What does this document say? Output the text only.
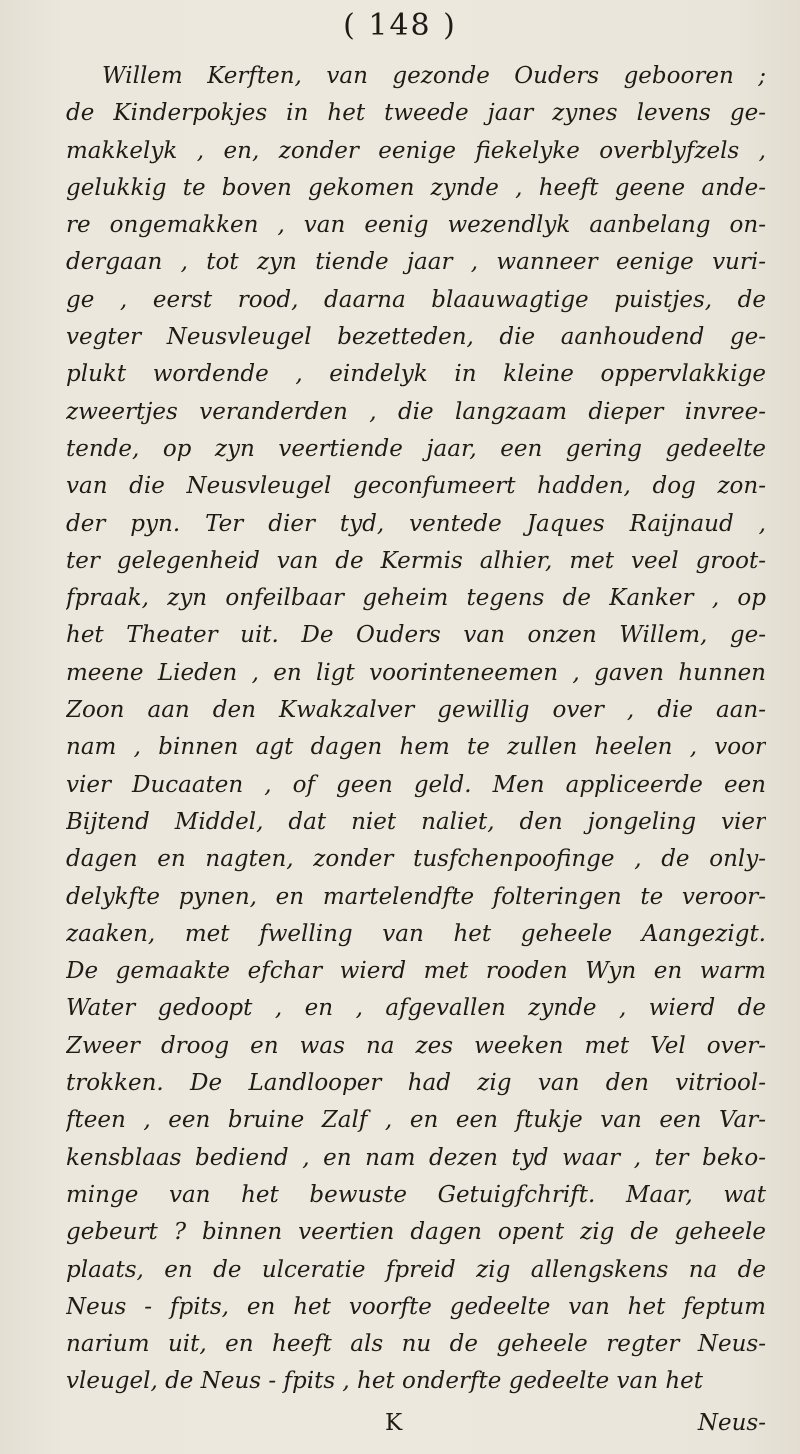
( 148 )
Willem Kerften, van gezonde Ouders gebooren ;
de Kinderpokjes in het tweede jaar zynes levens ge-
makkelyk , en, zonder eenige fiekelyke overblyfzels ,
gelukkig te boven gekomen zynde , heeft geene ande-
re ongemakken , van eenig wezendlyk aanbelang on-
dergaan , tot zyn tiende jaar , wanneer eenige vuri-
ge , eerst rood, daarna blaauwagtige puistjes, de
vegter Neusvleugel bezetteden, die aanhoudend ge-
plukt wordende , eindelyk in kleine oppervlakkige
zweertjes veranderden , die langzaam dieper invree-
tende, op zyn veertiende jaar, een gering gedeelte
van die Neusvleugel geconfumeert hadden, dog zon-
der pyn. Ter dier tyd, ventede Jaques Raijnaud ,
ter gelegenheid van de Kermis alhier, met veel groot-
fpraak, zyn onfeilbaar geheim tegens de Kanker , op
het Theater uit. De Ouders van onzen Willem, ge-
meene Lieden , en ligt voorinteneemen , gaven hunnen
Zoon aan den Kwakzalver gewillig over , die aan-
nam , binnen agt dagen hem te zullen heelen , voor
vier Ducaaten , of geen geld. Men appliceerde een
Bijtend Middel, dat niet naliet, den jongeling vier
dagen en nagten, zonder tusfchenpoofinge , de only-
delykfte pynen, en martelendfte folteringen te veroor-
zaaken, met fwelling van het geheele Aangezigt.
De gemaakte efchar wierd met rooden Wyn en warm
Water gedoopt , en , afgevallen zynde , wierd de
Zweer droog en was na zes weeken met Vel over-
trokken. De Landlooper had zig van den vitriool-
fteen , een bruine Zalf , en een ftukje van een Var-
kensblaas bediend , en nam dezen tyd waar , ter beko-
minge van het bewuste Getuigfchrift. Maar, wat
gebeurt ? binnen veertien dagen opent zig de geheele
plaats, en de ulceratie fpreid zig allengskens na de
Neus - fpits, en het voorfte gedeelte van het feptum
narium uit, en heeft als nu de geheele regter Neus-
vleugel, de Neus - fpits , het onderfte gedeelte van het
K	Neus-
